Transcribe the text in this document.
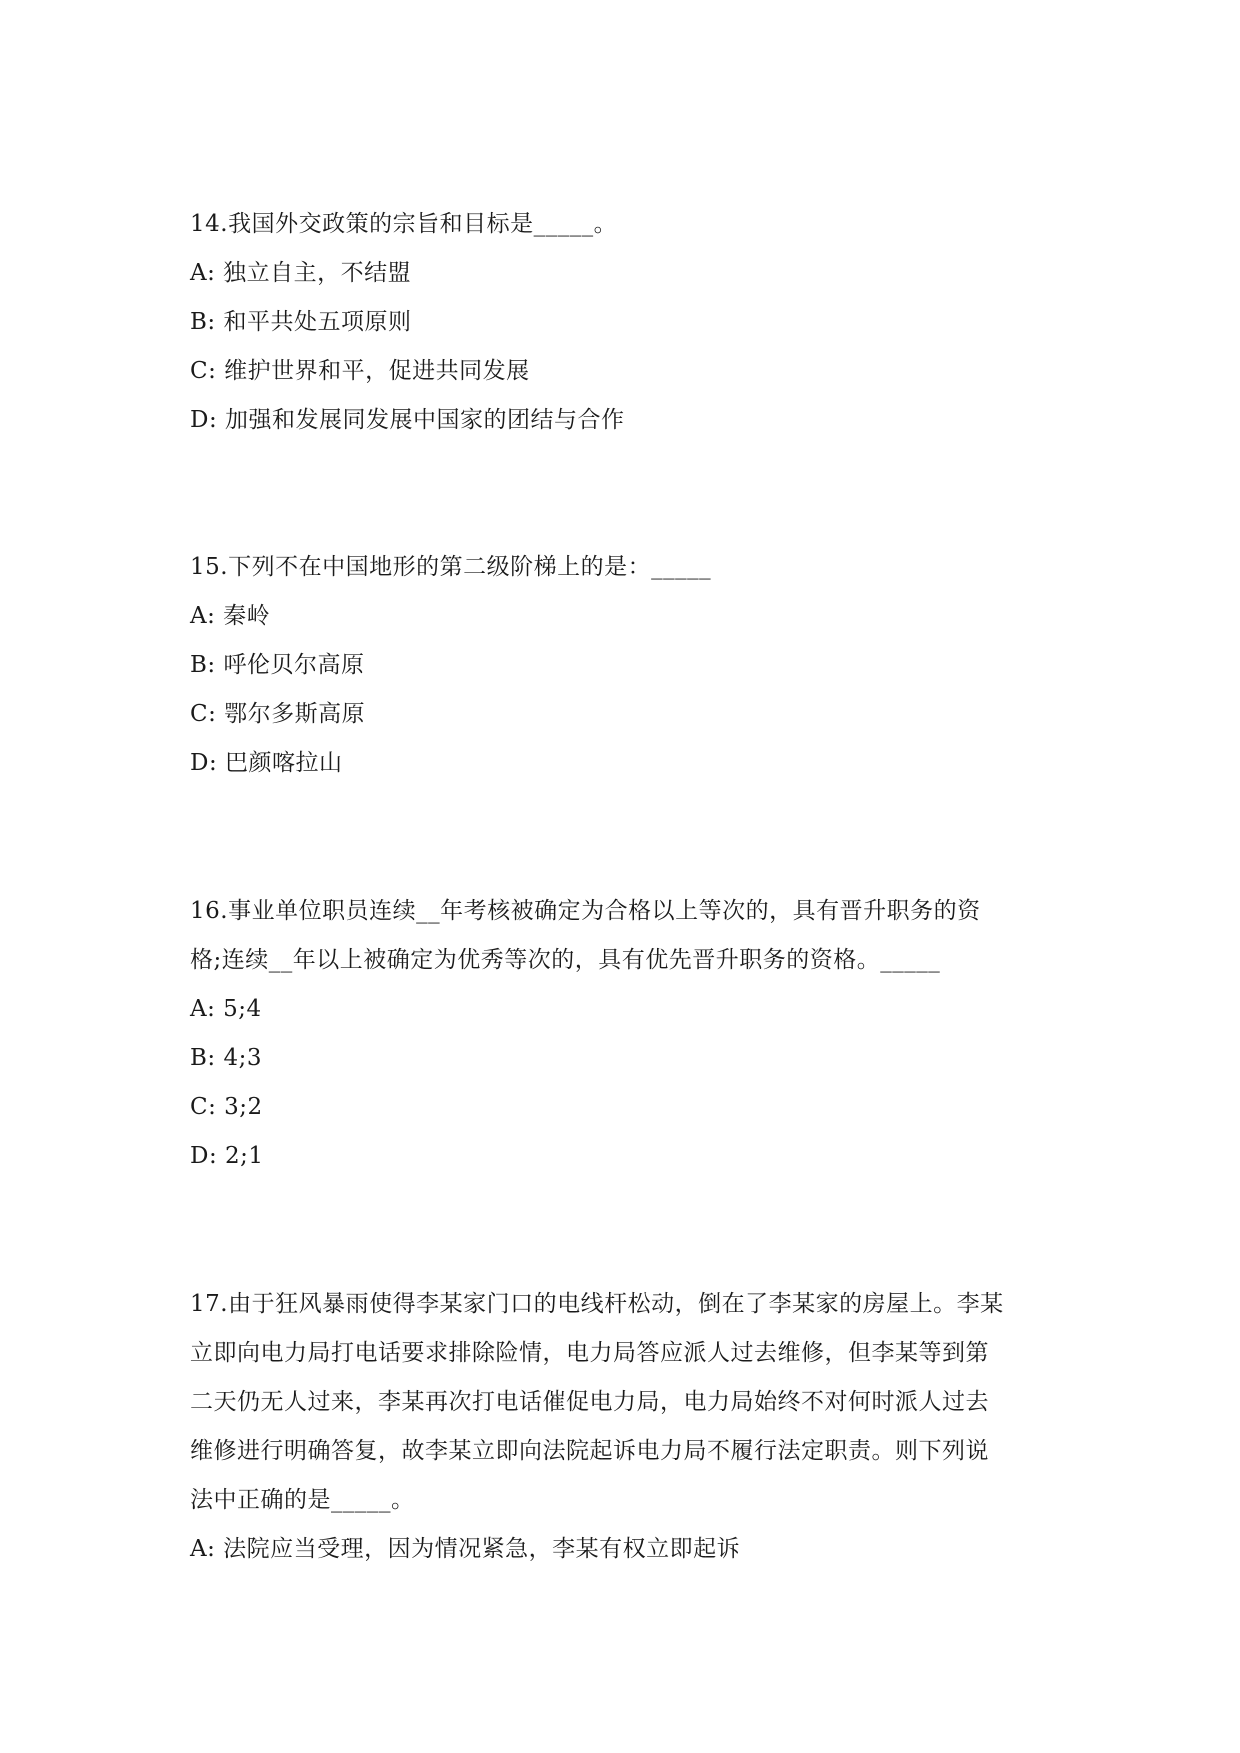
14.我国外交政策的宗旨和目标是_____。

A: 独立自主，不结盟

B: 和平共处五项原则

C: 维护世界和平，促进共同发展

D: 加强和发展同发展中国家的团结与合作

15.下列不在中国地形的第二级阶梯上的是：_____

A: 秦岭

B: 呼伦贝尔高原

C: 鄂尔多斯高原

D: 巴颜喀拉山

16.事业单位职员连续__年考核被确定为合格以上等次的，具有晋升职务的资

格;连续__年以上被确定为优秀等次的，具有优先晋升职务的资格。_____

A: 5;4

B: 4;3

C: 3;2

D: 2;1

17.由于狂风暴雨使得李某家门口的电线杆松动，倒在了李某家的房屋上。李某

立即向电力局打电话要求排除险情，电力局答应派人过去维修，但李某等到第

二天仍无人过来，李某再次打电话催促电力局，电力局始终不对何时派人过去

维修进行明确答复，故李某立即向法院起诉电力局不履行法定职责。则下列说

法中正确的是_____。

A: 法院应当受理，因为情况紧急，李某有权立即起诉
